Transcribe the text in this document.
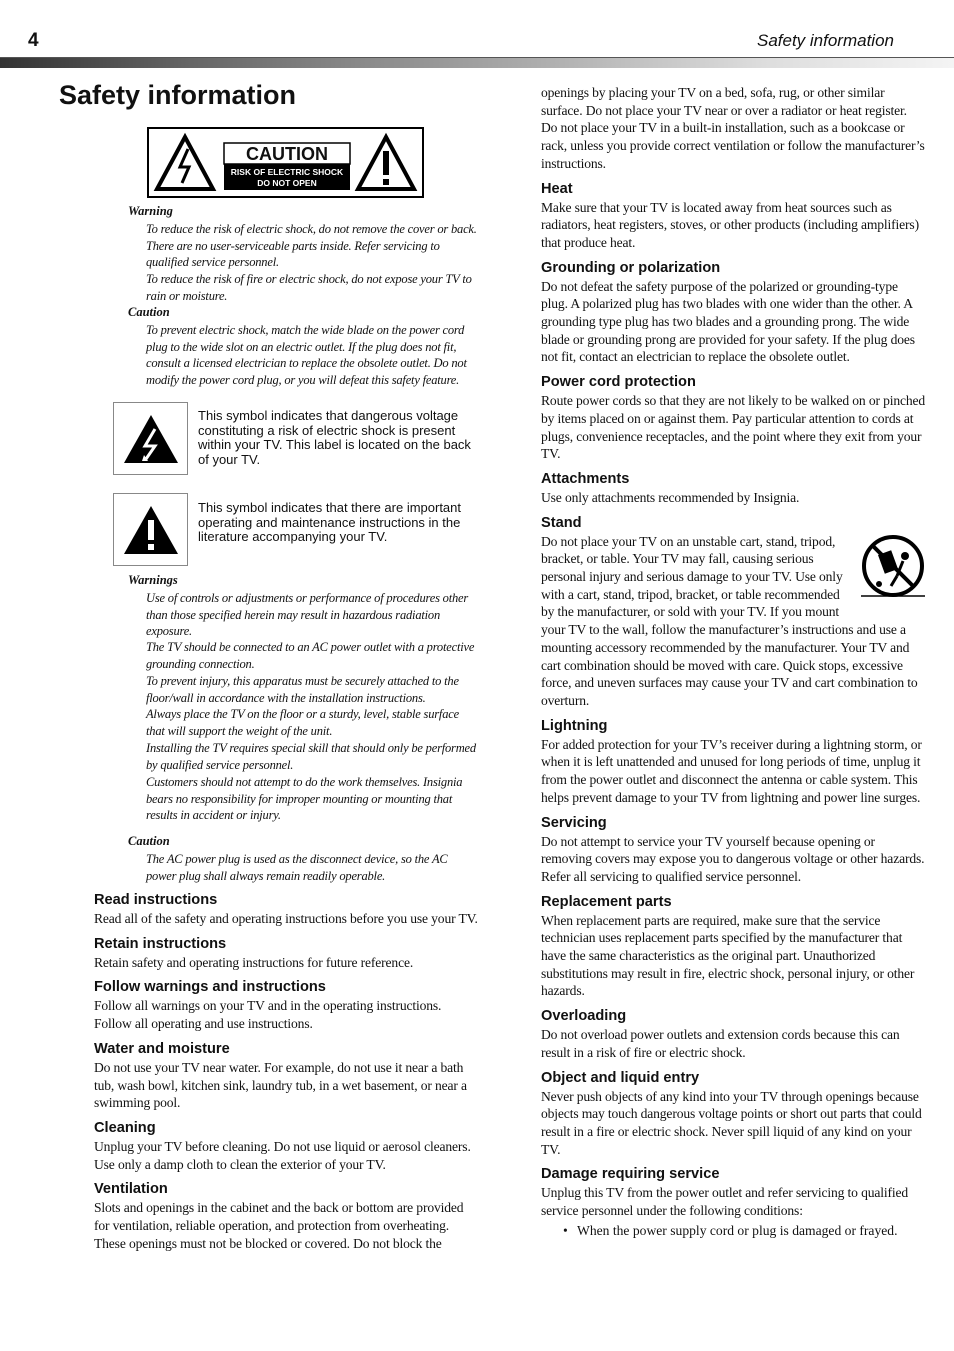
4	Safety information
Safety information
CAUTION
RISK OF ELECTRIC SHOCK
DO NOT OPEN
Warning

To reduce the risk of electric shock, do not remove the cover or back. There are no user-serviceable parts inside. Refer servicing to qualified service personnel.

To reduce the risk of fire or electric shock, do not expose your TV to rain or moisture.

Caution

To prevent electric shock, match the wide blade on the power cord plug to the wide slot on an electric outlet. If the plug does not fit, consult a licensed electrician to replace the obsolete outlet. Do not modify the power cord plug, or you will defeat this safety feature.

This symbol indicates that dangerous voltage constituting a risk of electric shock is present within your TV. This label is located on the back of your TV.

This symbol indicates that there are important operating and maintenance instructions in the literature accompanying your TV.

Warnings

Use of controls or adjustments or performance of procedures other than those specified herein may result in hazardous radiation exposure.

The TV should be connected to an AC power outlet with a protective grounding connection.

To prevent injury, this apparatus must be securely attached to the floor/wall in accordance with the installation instructions.

Always place the TV on the floor or a sturdy, level, stable surface that will support the weight of the unit.

Installing the TV requires special skill that should only be performed by qualified service personnel.

Customers should not attempt to do the work themselves. Insignia bears no responsibility for improper mounting or mounting that results in accident or injury.

Caution

The AC power plug is used as the disconnect device, so the AC power plug shall always remain readily operable.

Read instructions

Read all of the safety and operating instructions before you use your TV.

Retain instructions

Retain safety and operating instructions for future reference.

Follow warnings and instructions

Follow all warnings on your TV and in the operating instructions. Follow all operating and use instructions.

Water and moisture

Do not use your TV near water. For example, do not use it near a bath tub, wash bowl, kitchen sink, laundry tub, in a wet basement, or near a swimming pool.

Cleaning

Unplug your TV before cleaning. Do not use liquid or aerosol cleaners. Use only a damp cloth to clean the exterior of your TV.

Ventilation

Slots and openings in the cabinet and the back or bottom are provided for ventilation, reliable operation, and protection from overheating. These openings must not be blocked or covered. Do not block the

openings by placing your TV on a bed, sofa, rug, or other similar surface. Do not place your TV near or over a radiator or heat register. Do not place your TV in a built-in installation, such as a bookcase or rack, unless you provide correct ventilation or follow the manufacturer’s instructions.

Heat

Make sure that your TV is located away from heat sources such as radiators, heat registers, stoves, or other products (including amplifiers) that produce heat.

Grounding or polarization

Do not defeat the safety purpose of the polarized or grounding-type plug. A polarized plug has two blades with one wider than the other. A grounding type plug has two blades and a grounding prong. The wide blade or grounding prong are provided for your safety. If the plug does not fit, contact an electrician to replace the obsolete outlet.

Power cord protection

Route power cords so that they are not likely to be walked on or pinched by items placed on or against them. Pay particular attention to cords at plugs, convenience receptacles, and the point where they exit from your TV.

Attachments

Use only attachments recommended by Insignia.

Stand

Do not place your TV on an unstable cart, stand, tripod, bracket, or table. Your TV may fall, causing serious personal injury and serious damage to your TV. Use only with a cart, stand, tripod, bracket, or table recommended by the manufacturer, or sold with your TV. If you mount

your TV to the wall, follow the manufacturer’s instructions and use a mounting accessory recommended by the manufacturer. Your TV and cart combination should be moved with care. Quick stops, excessive force, and uneven surfaces may cause your TV and cart combination to overturn.

Lightning

For added protection for your TV’s receiver during a lightning storm, or when it is left unattended and unused for long periods of time, unplug it from the power outlet and disconnect the antenna or cable system. This helps prevent damage to your TV from lightning and power line surges.

Servicing

Do not attempt to service your TV yourself because opening or removing covers may expose you to dangerous voltage or other hazards. Refer all servicing to qualified service personnel.

Replacement parts

When replacement parts are required, make sure that the service technician uses replacement parts specified by the manufacturer that have the same characteristics as the original part. Unauthorized substitutions may result in fire, electric shock, personal injury, or other hazards.

Overloading

Do not overload power outlets and extension cords because this can result in a risk of fire or electric shock.

Object and liquid entry

Never push objects of any kind into your TV through openings because objects may touch dangerous voltage points or short out parts that could result in a fire or electric shock. Never spill liquid of any kind on your TV.

Damage requiring service

Unplug this TV from the power outlet and refer servicing to qualified service personnel under the following conditions:

• When the power supply cord or plug is damaged or frayed.
